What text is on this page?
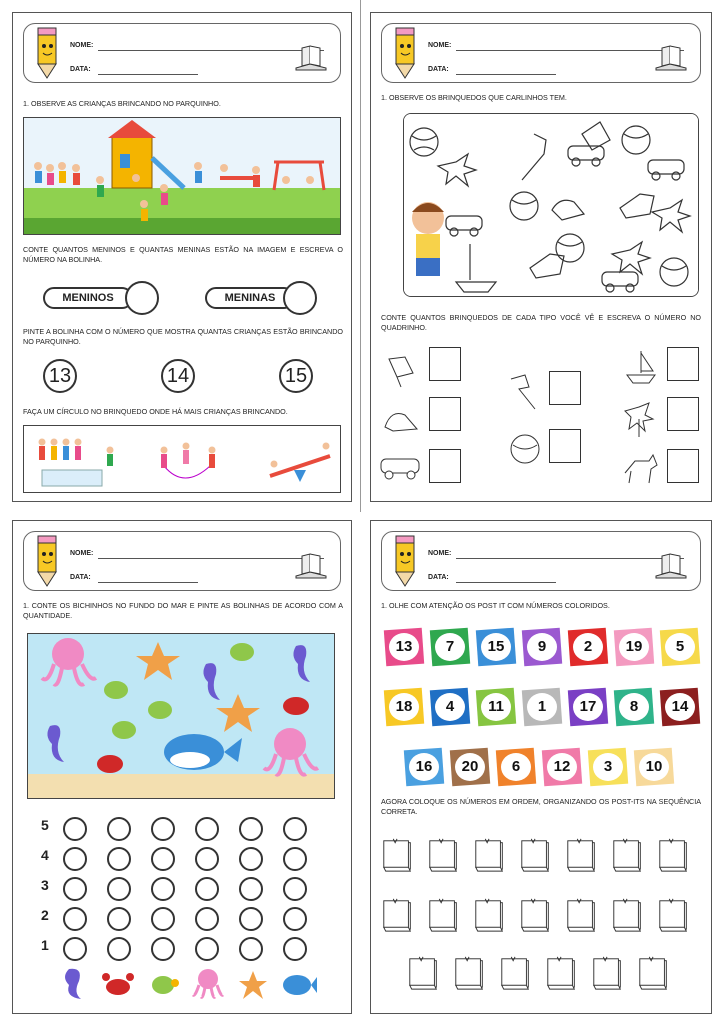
NOME:
DATA:
1. OBSERVE AS CRIANÇAS BRINCANDO NO PARQUINHO.
CONTE QUANTOS MENINOS E QUANTAS MENINAS ESTÃO NA IMAGEM E ESCREVA O NÚMERO NA BOLINHA.
MENINOS	MENINAS
PINTE A BOLINHA COM O NÚMERO QUE MOSTRA QUANTAS CRIANÇAS ESTÃO BRINCANDO NO PARQUINHO.
13	14	15
FAÇA UM CÍRCULO NO BRINQUEDO ONDE HÁ MAIS CRIANÇAS BRINCANDO.
NOME:
DATA:
1. OBSERVE OS BRINQUEDOS QUE CARLINHOS TEM.
CONTE QUANTOS BRINQUEDOS DE CADA TIPO VOCÊ VÊ E ESCREVA O NÚMERO NO QUADRINHO.
NOME:
DATA:
1. CONTE OS BICHINHOS NO FUNDO DO MAR E PINTE AS BOLINHAS DE ACORDO COM A QUANTIDADE.
5
4
3
2
1
NOME:
DATA:
1. OLHE COM ATENÇÃO OS POST IT COM NÚMEROS COLORIDOS.
AGORA COLOQUE OS NÚMEROS EM ORDEM, ORGANIZANDO OS POST-ITS NA SEQUÊNCIA CORRETA.
13	7	15	9	2	19	5
18	4	11	1	17	8	14
16	20	6	12	3	10
